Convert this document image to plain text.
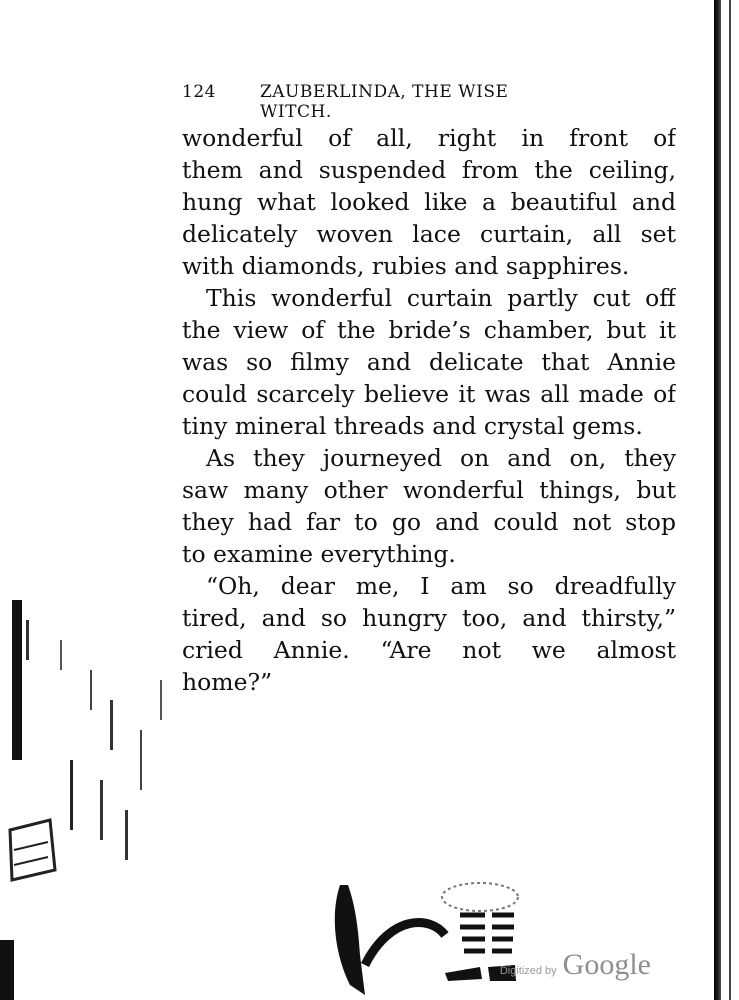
124	ZAUBERLINDA, THE WISE WITCH.
wonderful of all, right in front of
them and suspended from the ceiling,
hung what looked like a beautiful and
delicately woven lace curtain, all set
with diamonds, rubies and sapphires.
This wonderful curtain partly cut off
the view of the bride’s chamber, but it
was so filmy and delicate that Annie
could scarcely believe it was all made of
tiny mineral threads and crystal gems.
As they journeyed on and on, they
saw many other wonderful things, but
they had far to go and could not stop
to examine everything.
“Oh, dear me, I am so dreadfully
tired, and so hungry too, and thirsty,”
cried Annie. “Are not we almost
home?”
Digitized by Google
